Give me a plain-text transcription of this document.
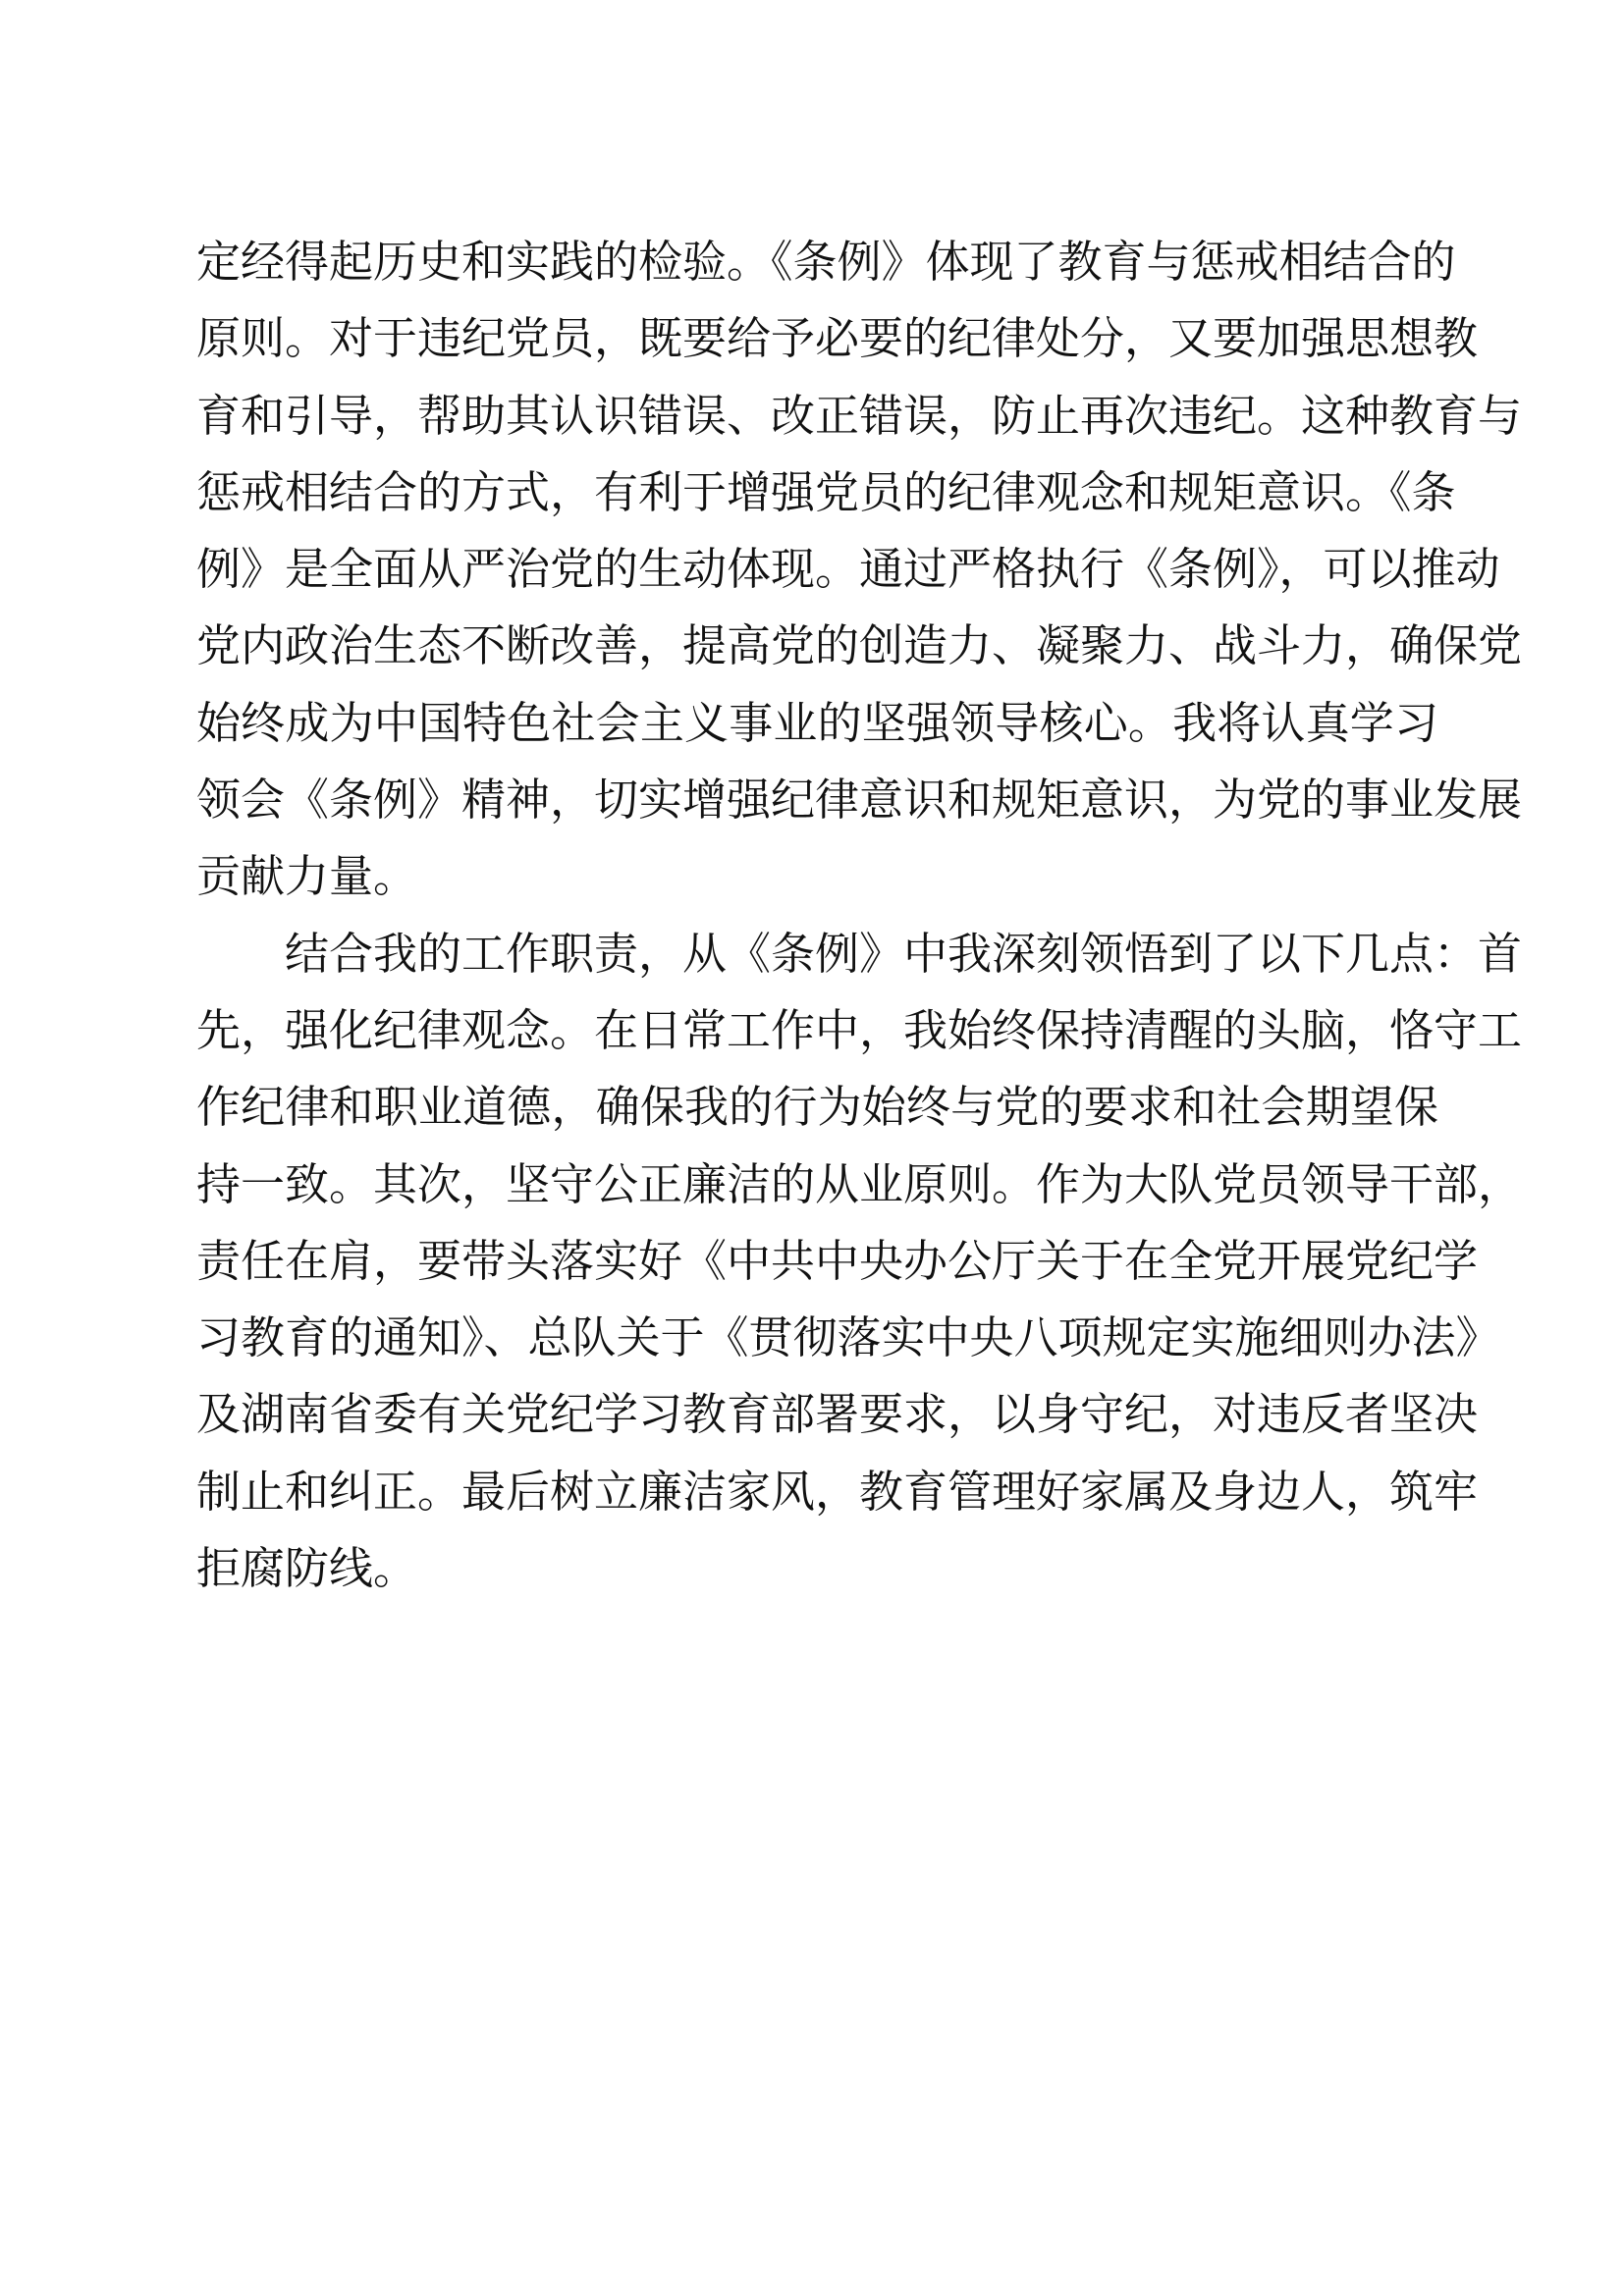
定经得起历史和实践的检验。《条例》体现了教育与惩戒相结合的
原则。对于违纪党员，既要给予必要的纪律处分，又要加强思想教
育和引导，帮助其认识错误、改正错误，防止再次违纪。这种教育与
惩戒相结合的方式，有利于增强党员的纪律观念和规矩意识。《条
例》是全面从严治党的生动体现。通过严格执行《条例》，可以推动
党内政治生态不断改善，提高党的创造力、凝聚力、战斗力，确保党
始终成为中国特色社会主义事业的坚强领导核心。我将认真学习
领会《条例》精神，切实增强纪律意识和规矩意识，为党的事业发展
贡献力量。
　　结合我的工作职责，从《条例》中我深刻领悟到了以下几点：首
先，强化纪律观念。在日常工作中，我始终保持清醒的头脑，恪守工
作纪律和职业道德，确保我的行为始终与党的要求和社会期望保
持一致。其次，坚守公正廉洁的从业原则。作为大队党员领导干部，
责任在肩，要带头落实好《中共中央办公厅关于在全党开展党纪学
习教育的通知》、总队关于《贯彻落实中央八项规定实施细则办法》
及湖南省委有关党纪学习教育部署要求，以身守纪，对违反者坚决
制止和纠正。最后树立廉洁家风，教育管理好家属及身边人，筑牢
拒腐防线。
